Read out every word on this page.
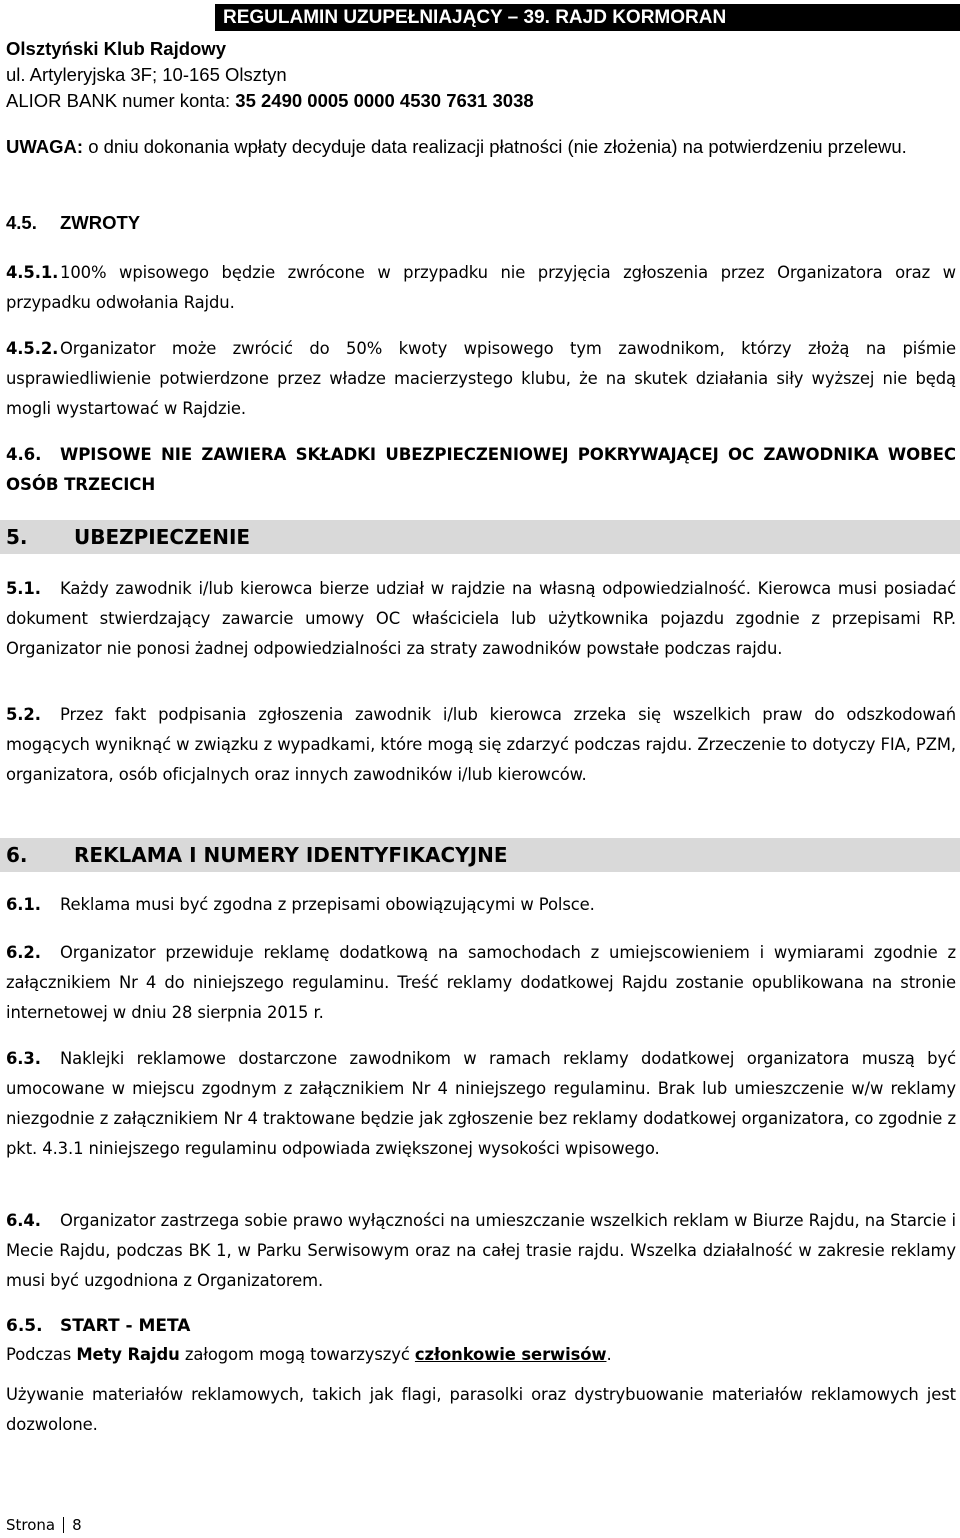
REGULAMIN UZUPEŁNIAJĄCY – 39. RAJD KORMORAN
Olsztyński Klub Rajdowy
ul. Artyleryjska 3F; 10-165 Olsztyn
ALIOR BANK numer konta: 35 2490 0005 0000 4530 7631 3038
UWAGA: o dniu dokonania wpłaty decyduje data realizacji płatności (nie złożenia) na potwierdzeniu przelewu.
4.5. ZWROTY
4.5.1. 100% wpisowego będzie zwrócone w przypadku nie przyjęcia zgłoszenia przez Organizatora oraz w przypadku odwołania Rajdu.
4.5.2. Organizator może zwrócić do 50% kwoty wpisowego tym zawodnikom, którzy złożą na piśmie usprawiedliwienie potwierdzone przez władze macierzystego klubu, że na skutek działania siły wyższej nie będą mogli wystartować w Rajdzie.
4.6. WPISOWE NIE ZAWIERA SKŁADKI UBEZPIECZENIOWEJ POKRYWAJĄCEJ OC ZAWODNIKA WOBEC OSÓB TRZECICH
5. UBEZPIECZENIE
5.1. Każdy zawodnik i/lub kierowca bierze udział w rajdzie na własną odpowiedzialność. Kierowca musi posiadać dokument stwierdzający zawarcie umowy OC właściciela lub użytkownika pojazdu zgodnie z przepisami RP. Organizator nie ponosi żadnej odpowiedzialności za straty zawodników powstałe podczas rajdu.
5.2. Przez fakt podpisania zgłoszenia zawodnik i/lub kierowca zrzeka się wszelkich praw do odszkodowań mogących wyniknąć w związku z wypadkami, które mogą się zdarzyć podczas rajdu. Zrzeczenie to dotyczy FIA, PZM, organizatora, osób oficjalnych oraz innych zawodników i/lub kierowców.
6. REKLAMA I NUMERY IDENTYFIKACYJNE
6.1. Reklama musi być zgodna z przepisami obowiązującymi w Polsce.
6.2. Organizator przewiduje reklamę dodatkową na samochodach z umiejscowieniem i wymiarami zgodnie z załącznikiem Nr 4 do niniejszego regulaminu. Treść reklamy dodatkowej Rajdu zostanie opublikowana na stronie internetowej w dniu 28 sierpnia 2015 r.
6.3. Naklejki reklamowe dostarczone zawodnikom w ramach reklamy dodatkowej organizatora muszą być umocowane w miejscu zgodnym z załącznikiem Nr 4 niniejszego regulaminu. Brak lub umieszczenie w/w reklamy niezgodnie z załącznikiem Nr 4 traktowane będzie jak zgłoszenie bez reklamy dodatkowej organizatora, co zgodnie z pkt. 4.3.1 niniejszego regulaminu odpowiada zwiększonej wysokości wpisowego.
6.4. Organizator zastrzega sobie prawo wyłączności na umieszczanie wszelkich reklam w Biurze Rajdu, na Starcie i Mecie Rajdu, podczas BK 1, w Parku Serwisowym oraz na całej trasie rajdu. Wszelka działalność w zakresie reklamy musi być uzgodniona z Organizatorem.
6.5. START - META
Podczas Mety Rajdu załogom mogą towarzyszyć członkowie serwisów.
Używanie materiałów reklamowych, takich jak flagi, parasolki oraz dystrybuowanie materiałów reklamowych jest dozwolone.
Strona 8
